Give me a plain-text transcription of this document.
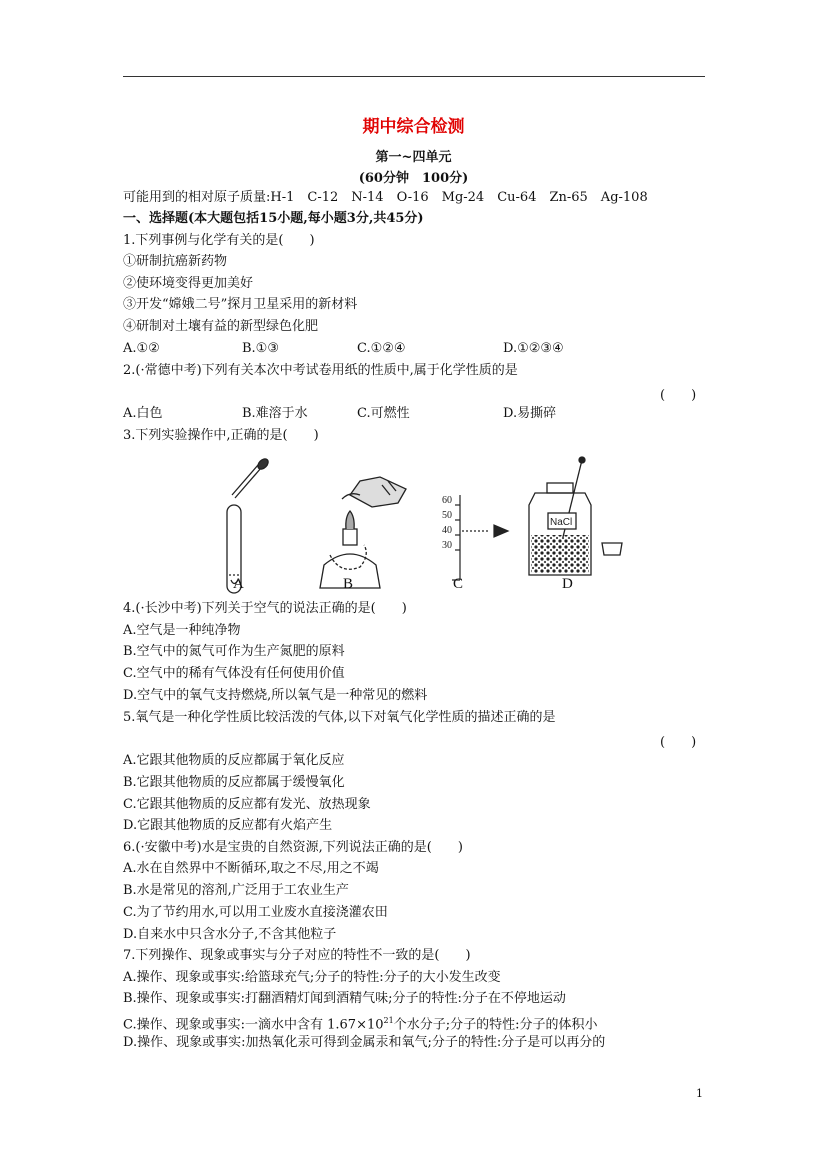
期中综合检测
第一~四单元
(60分钟　100分)
可能用到的相对原子质量:H-1　C-12　N-14　O-16　Mg-24　Cu-64　Zn-65　Ag-108
一、选择题(本大题包括15小题,每小题3分,共45分)
1.下列事例与化学有关的是(　　)
①研制抗癌新药物
②使环境变得更加美好
③开发“嫦娥二号”探月卫星采用的新材料
④研制对土壤有益的新型绿色化肥
A.①②	B.①③	C.①②④	D.①②③④
2.(·常德中考)下列有关本次中考试卷用纸的性质中,属于化学性质的是
(　　)
A.白色	B.难溶于水	C.可燃性	D.易撕碎
3.下列实验操作中,正确的是(　　)
60
50
40
30
NaCl
A	B	C	D
4.(·长沙中考)下列关于空气的说法正确的是(　　)
A.空气是一种纯净物
B.空气中的氮气可作为生产氮肥的原料
C.空气中的稀有气体没有任何使用价值
D.空气中的氧气支持燃烧,所以氧气是一种常见的燃料
5.氧气是一种化学性质比较活泼的气体,以下对氧气化学性质的描述正确的是
(　　)
A.它跟其他物质的反应都属于氧化反应
B.它跟其他物质的反应都属于缓慢氧化
C.它跟其他物质的反应都有发光、放热现象
D.它跟其他物质的反应都有火焰产生
6.(·安徽中考)水是宝贵的自然资源,下列说法正确的是(　　)
A.水在自然界中不断循环,取之不尽,用之不竭
B.水是常见的溶剂,广泛用于工农业生产
C.为了节约用水,可以用工业废水直接浇灌农田
D.自来水中只含水分子,不含其他粒子
7.下列操作、现象或事实与分子对应的特性不一致的是(　　)
A.操作、现象或事实:给篮球充气;分子的特性:分子的大小发生改变
B.操作、现象或事实:打翻酒精灯闻到酒精气味;分子的特性:分子在不停地运动
C.操作、现象或事实:一滴水中含有 $1.67\times 10^{21}$个水分子;分子的特性:分子的体积小
D.操作、现象或事实:加热氧化汞可得到金属汞和氧气;分子的特性:分子是可以再分的
1
